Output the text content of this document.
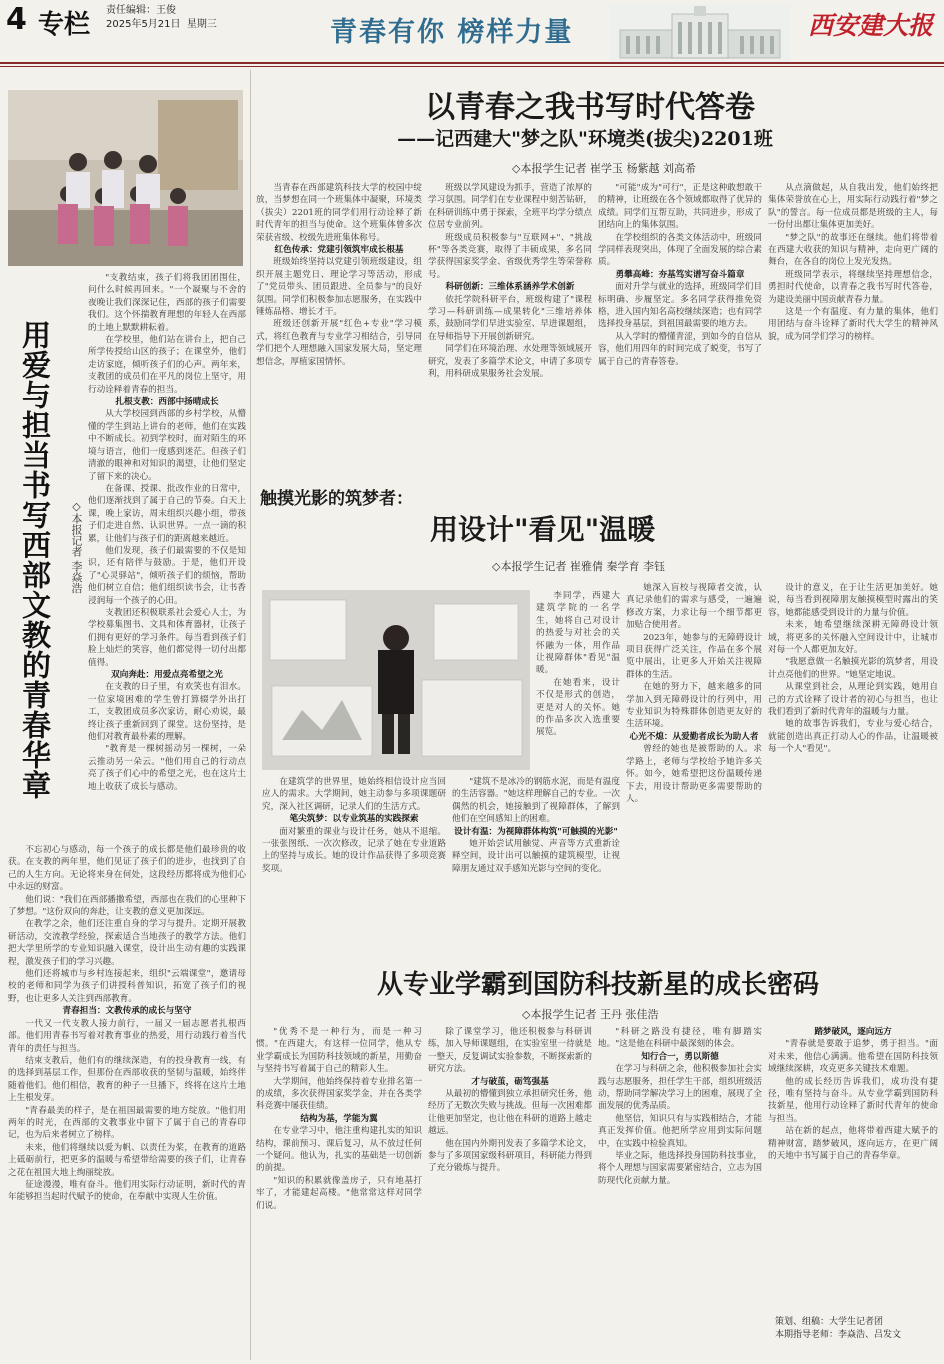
4 专栏 责任编辑：王俊
2025年5月21日 星期三	青春有你 榜样力量	西安建大报
用爱与担当书写西部文教的青春华章	◇本报记者 李焱浩

"支教结束，孩子们将我团团围住，问什么时候再回来。"一个凝聚与不舍的夜晚让我们深深记住，西部的孩子们需要我们。这个怀揣教育理想的年轻人在西部的土地上默默耕耘着。

在学校里，他们站在讲台上，把自己所学传授给山区的孩子；在课堂外，他们走访家庭，倾听孩子们的心声。两年来，支教团的成员们在平凡的岗位上坚守，用行动诠释着青春的担当。

扎根支教：西部中扬晴成长

从大学校园到西部的乡村学校，从懵懂的学生到站上讲台的老师，他们在实践中不断成长。初到学校时，面对陌生的环境与语言，他们一度感到迷茫。但孩子们清澈的眼神和对知识的渴望，让他们坚定了留下来的决心。

在备课、授课、批改作业的日常中，他们逐渐找到了属于自己的节奏。白天上课，晚上家访，周末组织兴趣小组，带孩子们走进自然、认识世界。一点一滴的积累，让他们与孩子们的距离越来越近。

他们发现，孩子们最需要的不仅是知识，还有陪伴与鼓励。于是，他们开设了"心灵驿站"，倾听孩子们的烦恼，帮助他们树立自信；他们组织读书会，让书香浸润每一个孩子的心田。

支教团还积极联系社会爱心人士，为学校募集图书、文具和体育器材，让孩子们拥有更好的学习条件。每当看到孩子们脸上灿烂的笑容，他们都觉得一切付出都值得。

双向奔赴：用爱点亮希望之光

在支教的日子里，有欢笑也有泪水。一位家境困难的学生曾打算辍学外出打工，支教团成员多次家访，耐心劝说，最终让孩子重新回到了课堂。这份坚持，是他们对教育最朴素的理解。

"教育是一棵树摇动另一棵树，一朵云推动另一朵云。"他们用自己的行动点亮了孩子们心中的希望之光，也在这片土地上收获了成长与感动。

不忘初心与感动，每一个孩子的成长都是他们最珍贵的收获。在支教的两年里，他们见证了孩子们的进步，也找到了自己的人生方向。无论将来身在何处，这段经历都将成为他们心中永远的财富。

他们说："我们在西部播撒希望，西部也在我们的心里种下了梦想。"这份双向的奔赴，让支教的意义更加深远。

在教学之余，他们还注重自身的学习与提升。定期开展教研活动，交流教学经验，探索适合当地孩子的教学方法。他们把大学里所学的专业知识融入课堂，设计出生动有趣的实践课程，激发孩子们的学习兴趣。

他们还将城市与乡村连接起来，组织"云端课堂"，邀请母校的老师和同学为孩子们讲授科普知识，拓宽了孩子们的视野，也让更多人关注到西部教育。

青春担当：文教传承的成长与坚守

一代又一代支教人接力前行，一届又一届志愿者扎根西部。他们用青春书写着对教育事业的热爱，用行动践行着当代青年的责任与担当。

结束支教后，他们有的继续深造，有的投身教育一线，有的选择到基层工作，但那份在西部收获的坚韧与温暖，始终伴随着他们。他们相信，教育的种子一旦播下，终将在这片土地上生根发芽。

"青春最美的样子，是在祖国最需要的地方绽放。"他们用两年的时光，在西部的文教事业中留下了属于自己的青春印记，也为后来者树立了榜样。

未来，他们将继续以爱为帆、以责任为桨，在教育的道路上砥砺前行，把更多的温暖与希望带给需要的孩子们，让青春之花在祖国大地上绚丽绽放。

征途漫漫，唯有奋斗。他们用实际行动证明，新时代的青年能够担当起时代赋予的使命，在奉献中实现人生价值。

以青春之我书写时代答卷
——记西建大"梦之队"环境类(拔尖)2201班
◇本报学生记者 崔学玉 杨紫越 刘高希

当青春在西部建筑科技大学的校园中绽放，当梦想在同一个班集体中凝聚，环境类（拔尖）2201班的同学们用行动诠释了新时代青年的担当与使命。这个班集体曾多次荣获省级、校级先进班集体称号。

红色传承：党建引领筑牢成长根基

班级始终坚持以党建引领班级建设，组织开展主题党日、理论学习等活动，形成了"党员带头、团员跟进、全员参与"的良好氛围。同学们积极参加志愿服务，在实践中锤炼品格、增长才干。

班级还创新开展"红色+专业"学习模式，将红色教育与专业学习相结合，引导同学们把个人理想融入国家发展大局，坚定理想信念，厚植家国情怀。

班级以学风建设为抓手，营造了浓厚的学习氛围。同学们在专业课程中刻苦钻研，在科研训练中勇于探索，全班平均学分绩点位居专业前列。

班级成员积极参与"互联网+"、"挑战杯"等各类竞赛，取得了丰硕成果，多名同学获得国家奖学金、省级优秀学生等荣誉称号。

科研创新：三维体系涵养学术创新

依托学院科研平台，班级构建了"课程学习—科研训练—成果转化"三维培养体系，鼓励同学们早进实验室、早进课题组，在导师指导下开展创新研究。

同学们在环境治理、水处理等领域展开研究，发表了多篇学术论文，申请了多项专利，用科研成果服务社会发展。

"可能"成为"可行"，正是这种敢想敢干的精神，让班级在各个领域都取得了优异的成绩。同学们互帮互助，共同进步，形成了团结向上的集体氛围。

在学校组织的各类文体活动中，班级同学同样表现突出，体现了全面发展的综合素质。

勇攀高峰：夯基笃实谱写奋斗篇章

面对升学与就业的选择，班级同学们目标明确、步履坚定。多名同学获得推免资格，进入国内知名高校继续深造；也有同学选择投身基层，到祖国最需要的地方去。

从入学时的懵懂青涩，到如今的自信从容，他们用四年的时间完成了蜕变，书写了属于自己的青春答卷。

从点滴做起，从自我出发，他们始终把集体荣誉放在心上，用实际行动践行着"梦之队"的誓言。每一位成员都是班级的主人，每一份付出都让集体更加美好。

"梦之队"的故事还在继续。他们将带着在西建大收获的知识与精神，走向更广阔的舞台，在各自的岗位上发光发热。

班级同学表示，将继续坚持理想信念，勇担时代使命，以青春之我书写时代答卷，为建设美丽中国贡献青春力量。

这是一个有温度、有力量的集体，他们用团结与奋斗诠释了新时代大学生的精神风貌，成为同学们学习的榜样。

触摸光影的筑梦者：
用设计"看见"温暖
◇本报学生记者 崔雅倩 秦学育 李钰

李同学，西建大建筑学院的一名学生，她将自己对设计的热爱与对社会的关怀融为一体，用作品让视障群体"看见"温暖。

在她看来，设计不仅是形式的创造，更是对人的关怀。她的作品多次入选重要展览。

在建筑学的世界里，她始终相信设计应当回应人的需求。大学期间，她主动参与多项课题研究，深入社区调研，记录人们的生活方式。

笔尖筑梦：以专业筑基的实践探索

面对繁重的课业与设计任务，她从不退缩。一张张图纸、一次次修改，记录了她在专业道路上的坚持与成长。她的设计作品获得了多项竞赛奖项。

"建筑不是冰冷的钢筋水泥，而是有温度的生活容器。"她这样理解自己的专业。一次偶然的机会，她接触到了视障群体，了解到他们在空间感知上的困难。

设计有温：为视障群体构筑"可触摸的光影"

她开始尝试用触觉、声音等方式重新诠释空间，设计出可以触摸的建筑模型，让视障朋友通过双手感知光影与空间的变化。

她深入盲校与视障者交流，认真记录他们的需求与感受，一遍遍修改方案，力求让每一个细节都更加贴合使用者。

2023年，她参与的无障碍设计项目获得广泛关注，作品在多个展览中展出，让更多人开始关注视障群体的生活。

在她的努力下，越来越多的同学加入到无障碍设计的行列中，用专业知识为特殊群体创造更友好的生活环境。

心光不熄：从爱勤者成长为助人者

曾经的她也是被帮助的人。求学路上，老师与学校给予她许多关怀。如今，她希望把这份温暖传递下去，用设计帮助更多需要帮助的人。

设计的意义，在于让生活更加美好。她说，每当看到视障朋友触摸模型时露出的笑容，她都能感受到设计的力量与价值。

未来，她希望继续深耕无障碍设计领域，将更多的关怀融入空间设计中，让城市对每一个人都更加友好。

"我愿意做一名触摸光影的筑梦者，用设计点亮他们的世界。"她坚定地说。

从课堂到社会，从理论到实践，她用自己的方式诠释了设计者的初心与担当，也让我们看到了新时代青年的温暖与力量。

她的故事告诉我们，专业与爱心结合，就能创造出真正打动人心的作品，让温暖被每一个人"看见"。

从专业学霸到国防科技新星的成长密码
◇本报学生记者 王丹 张佳浩

"优秀不是一种行为，而是一种习惯。"在西建大，有这样一位同学，他从专业学霸成长为国防科技领域的新星，用勤奋与坚持书写着属于自己的精彩人生。

大学期间，他始终保持着专业排名第一的成绩，多次获得国家奖学金，并在各类学科竞赛中屡获佳绩。

结构为基，学能为翼

在专业学习中，他注重构建扎实的知识结构，课前预习、课后复习，从不放过任何一个疑问。他认为，扎实的基础是一切创新的前提。

"知识的积累就像盖房子，只有地基打牢了，才能建起高楼。"他常常这样对同学们说。

除了课堂学习，他还积极参与科研训练，加入导师课题组，在实验室里一待就是一整天，反复调试实验参数，不断探索新的研究方法。

才与破茧，砺笃强基

从最初的懵懂到独立承担研究任务，他经历了无数次失败与挑战。但每一次困难都让他更加坚定，也让他在科研的道路上越走越远。

他在国内外期刊发表了多篇学术论文，参与了多项国家级科研项目，科研能力得到了充分锻炼与提升。

"科研之路没有捷径，唯有脚踏实地。"这是他在科研中最深刻的体会。

知行合一，勇以斯德

在学习与科研之余，他积极参加社会实践与志愿服务，担任学生干部，组织班级活动，帮助同学解决学习上的困难，展现了全面发展的优秀品质。

他坚信，知识只有与实践相结合，才能真正发挥价值。他把所学应用到实际问题中，在实践中检验真知。

毕业之际，他选择投身国防科技事业，将个人理想与国家需要紧密结合，立志为国防现代化贡献力量。

踏梦破风，逐向远方

"青春就是要敢于追梦，勇于担当。"面对未来，他信心满满。他希望在国防科技领域继续深耕，攻克更多关键技术难题。

他的成长经历告诉我们，成功没有捷径，唯有坚持与奋斗。从专业学霸到国防科技新星，他用行动诠释了新时代青年的使命与担当。

站在新的起点，他将带着西建大赋予的精神财富，踏梦破风，逐向远方，在更广阔的天地中书写属于自己的青春华章。

策划、组稿：大学生记者团
本期指导老师：李焱浩、吕发文
